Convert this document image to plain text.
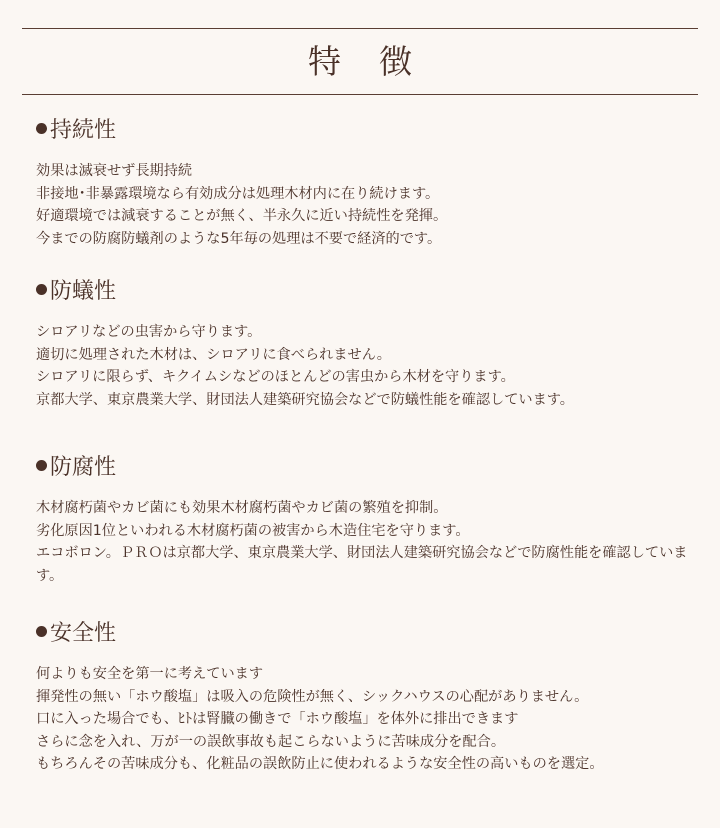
特徴
持続性

効果は滅衰せず長期持続

非接地･非暴露環境なら有効成分は処理木材内に在り続けます。

好適環境では減衰することが無く、半永久に近い持続性を発揮。

今までの防腐防蟻剤のような5年毎の処理は不要で経済的です。

防蟻性

シロアリなどの虫害から守ります。

適切に処理された木材は、シロアリに食べられません。

シロアリに限らず、キクイムシなどのほとんどの害虫から木材を守ります。

京都大学、東京農業大学、財団法人建築研究協会などで防蟻性能を確認しています。

防腐性

木材腐朽菌やカビ菌にも効果木材腐朽菌やカビ菌の繁殖を抑制。

劣化原因1位といわれる木材腐朽菌の被害から木造住宅を守ります。

エコボロン。ＰＲＯは京都大学、東京農業大学、財団法人建築研究協会などで防腐性能を確認しています。

安全性

何よりも安全を第一に考えています

揮発性の無い「ホウ酸塩」は吸入の危険性が無く、シックハウスの心配がありません。

口に入った場合でも、ﾋﾄは腎臓の働きで「ホウ酸塩」を体外に排出できます

さらに念を入れ、万が一の誤飲事故も起こらないように苦味成分を配合。

もちろんその苦味成分も、化粧品の誤飲防止に使われるような安全性の高いものを選定。
